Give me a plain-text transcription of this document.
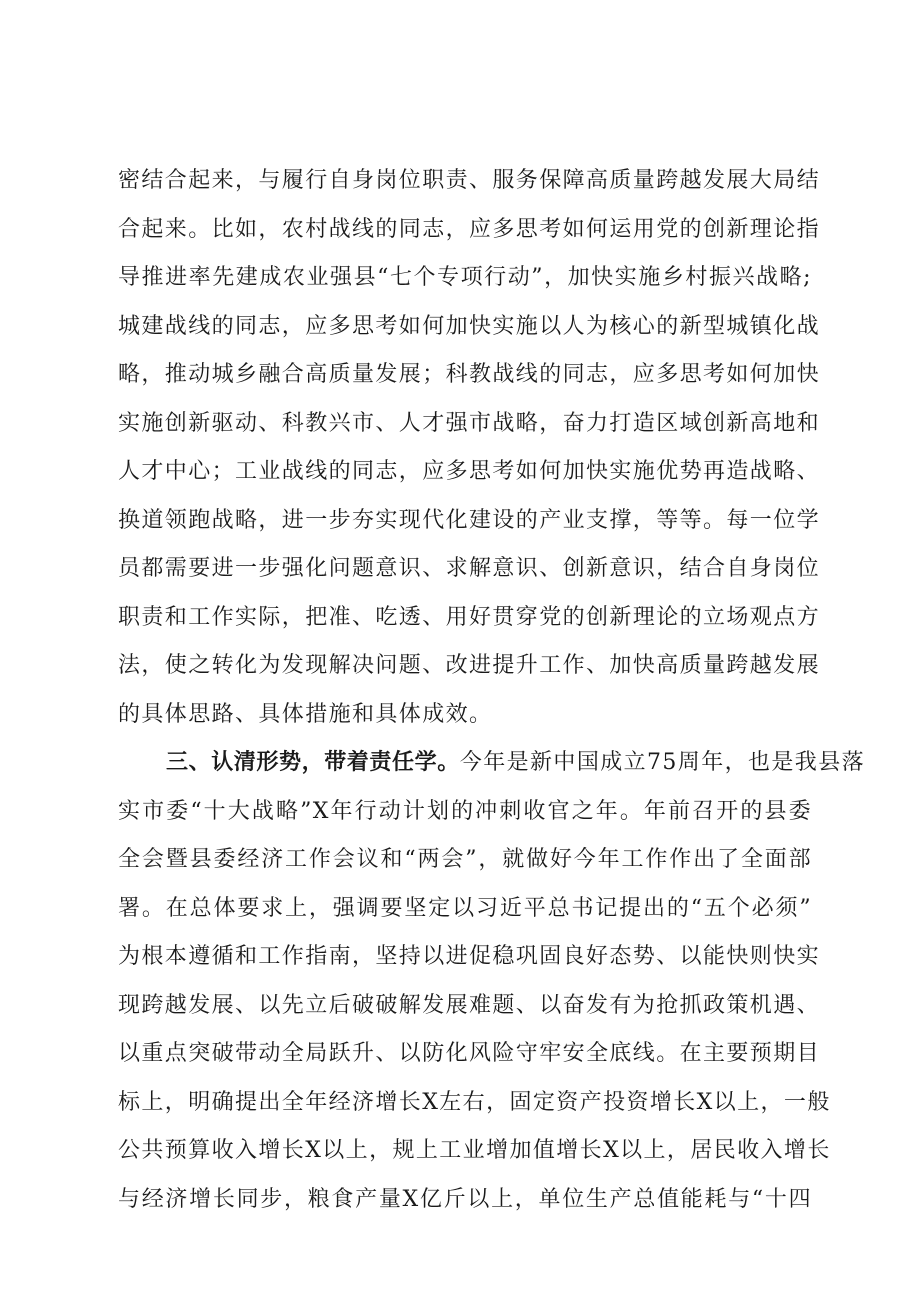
密结合起来，与履行自身岗位职责、服务保障高质量跨越发展大局结
合起来。比如，农村战线的同志，应多思考如何运用党的创新理论指
导推进率先建成农业强县“七个专项行动”，加快实施乡村振兴战略;
城建战线的同志，应多思考如何加快实施以人为核心的新型城镇化战
略，推动城乡融合高质量发展；科教战线的同志，应多思考如何加快
实施创新驱动、科教兴市、人才强市战略，奋力打造区域创新高地和
人才中心；工业战线的同志，应多思考如何加快实施优势再造战略、
换道领跑战略，进一步夯实现代化建设的产业支撑，等等。每一位学
员都需要进一步强化问题意识、求解意识、创新意识，结合自身岗位
职责和工作实际，把准、吃透、用好贯穿党的创新理论的立场观点方
法，使之转化为发现解决问题、改进提升工作、加快高质量跨越发展
的具体思路、具体措施和具体成效。
三、认清形势，带着责任学。今年是新中国成立75周年，也是我县落
实市委“十大战略”X年行动计划的冲刺收官之年。年前召开的县委
全会暨县委经济工作会议和“两会”，就做好今年工作作出了全面部
署。在总体要求上，强调要坚定以习近平总书记提出的“五个必须”
为根本遵循和工作指南，坚持以进促稳巩固良好态势、以能快则快实
现跨越发展、以先立后破破解发展难题、以奋发有为抢抓政策机遇、
以重点突破带动全局跃升、以防化风险守牢安全底线。在主要预期目
标上，明确提出全年经济增长X左右，固定资产投资增长X以上，一般
公共预算收入增长X以上，规上工业增加值增长X以上，居民收入增长
与经济增长同步，粮食产量X亿斤以上，单位生产总值能耗与“十四
